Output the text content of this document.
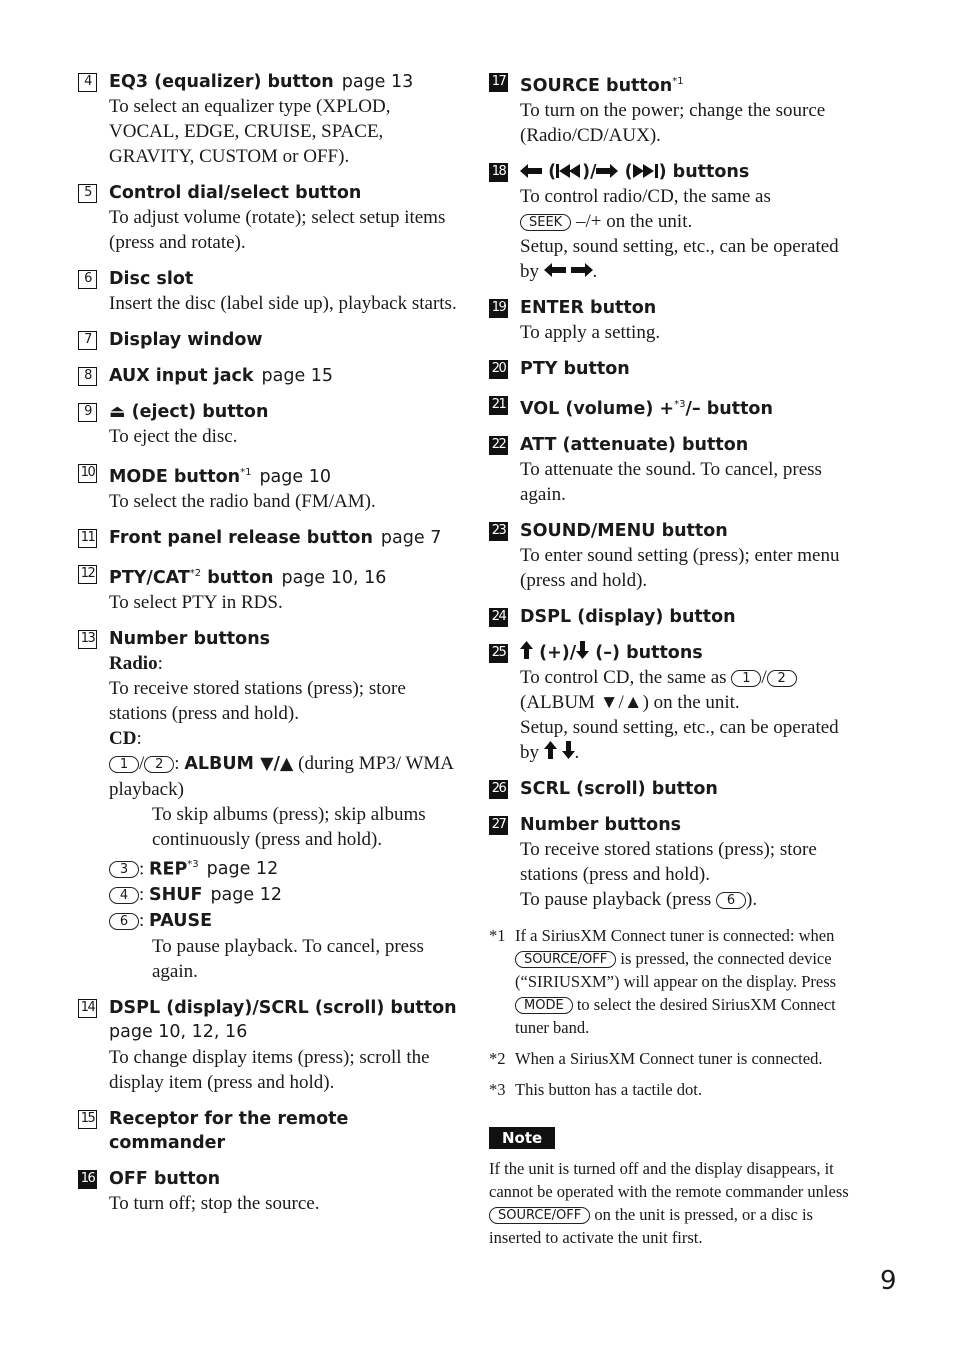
4	EQ3 (equalizer) button page 13
To select an equalizer type (XPLOD, VOCAL, EDGE, CRUISE, SPACE, GRAVITY, CUSTOM or OFF).
5	Control dial/select button
To adjust volume (rotate); select setup items (press and rotate).
6	Disc slot
Insert the disc (label side up), playback starts.
7	Display window
8	AUX input jack page 15
9	⏏ (eject) button
To eject the disc.
10 MODE button$^{*1}$ page 10
To select the radio band (FM/AM).
11 Front panel release button page 7
12 PTY/CAT$^{*2}$ button page 10, 16
To select PTY in RDS.
13 Number buttons
Radio:
To receive stored stations (press); store stations (press and hold).
CD:
1 / 2 : ALBUM ▼/▲ (during MP3/ WMA playback)
To skip albums (press); skip albums continuously (press and hold).
3 : REP$^{*3}$ page 12
4 : SHUF page 12
6 : PAUSE
To pause playback. To cancel, press again.
14 DSPL (display)/SCRL (scroll) button
page 10, 12, 16
To change display items (press); scroll the display item (press and hold).
15 Receptor for the remote commander
16 OFF button
To turn off; stop the source.
17 SOURCE button$^{*1}$
To turn on the power; change the source (Radio/CD/AUX).
18	( )/ ( ) buttons
To control radio/CD, the same as
SEEK –/+ on the unit.
Setup, sound setting, etc., can be operated by	.
19 ENTER button
To apply a setting.
20 PTY button
21 VOL (volume) +$^{*3}$/– button
22 ATT (attenuate) button
To attenuate the sound. To cancel, press again.
23 SOUND/MENU button
To enter sound setting (press); enter menu (press and hold).
24 DSPL (display) button
25	(+)/ (–) buttons
To control CD, the same as 1 / 2
(ALBUM ▼/▲) on the unit.
Setup, sound setting, etc., can be operated by .
26 SCRL (scroll) button
27 Number buttons
To receive stored stations (press); store stations (press and hold).
To pause playback (press 6 ).
*1 If a SiriusXM Connect tuner is connected: when SOURCE/OFF is pressed, the connected device (“SIRIUSXM”) will appear on the display. Press MODE to select the desired SiriusXM Connect tuner band.
*2 When a SiriusXM Connect tuner is connected.
*3 This button has a tactile dot.
Note
If the unit is turned off and the display disappears, it cannot be operated with the remote commander unless SOURCE/OFF on the unit is pressed, or a disc is inserted to activate the unit first.
9
